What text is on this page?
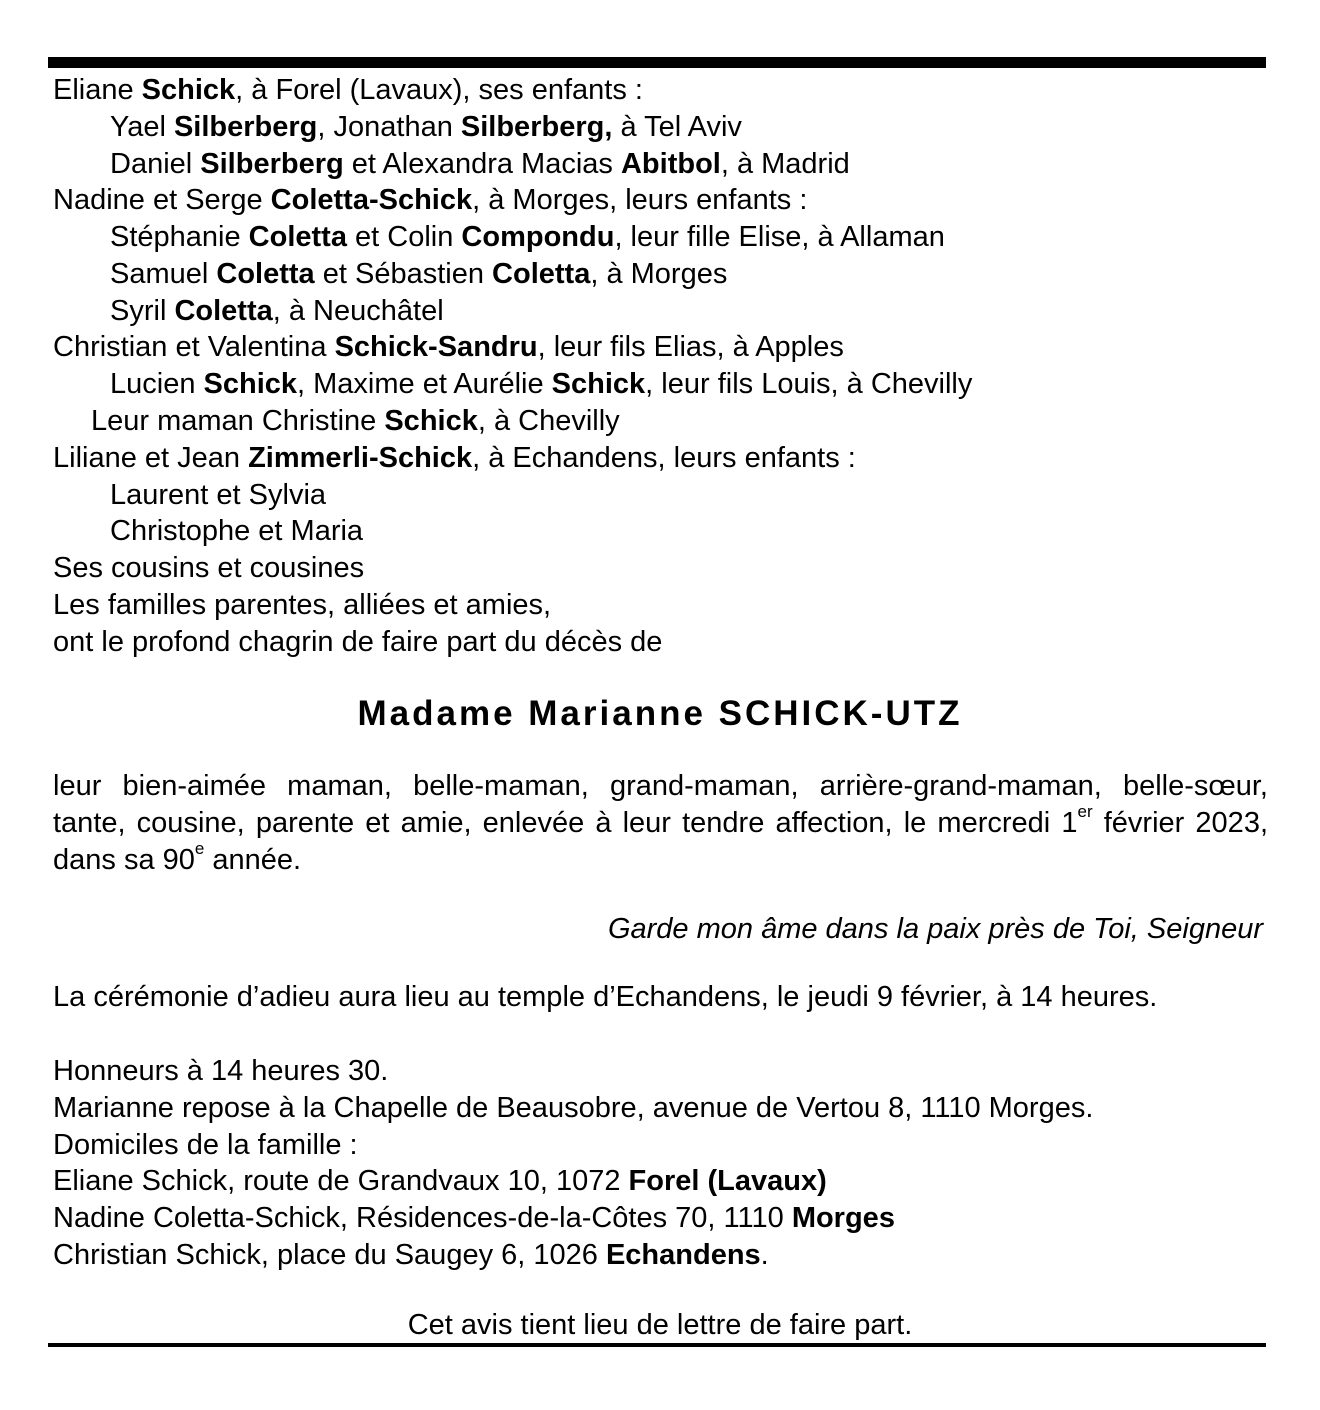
Eliane Schick, à Forel (Lavaux), ses enfants :
Yael Silberberg, Jonathan Silberberg, à Tel Aviv
Daniel Silberberg et Alexandra Macias Abitbol, à Madrid
Nadine et Serge Coletta-Schick, à Morges, leurs enfants :
Stéphanie Coletta et Colin Compondu, leur fille Elise, à Allaman
Samuel Coletta et Sébastien Coletta, à Morges
Syril Coletta, à Neuchâtel
Christian et Valentina Schick-Sandru, leur fils Elias, à Apples
Lucien Schick, Maxime et Aurélie Schick, leur fils Louis, à Chevilly
Leur maman Christine Schick, à Chevilly
Liliane et Jean Zimmerli-Schick, à Echandens, leurs enfants :
Laurent et Sylvia
Christophe et Maria
Ses cousins et cousines
Les familles parentes, alliées et amies,
ont le profond chagrin de faire part du décès de
Madame Marianne SCHICK-UTZ
leur bien-aimée maman, belle-maman, grand-maman, arrière-grand-maman, belle-sœur, tante, cousine, parente et amie, enlevée à leur tendre affection, le mercredi 1er février 2023, dans sa 90e année.
Garde mon âme dans la paix près de Toi, Seigneur
La cérémonie d’adieu aura lieu au temple d’Echandens, le jeudi 9 février, à 14 heures.
Honneurs à 14 heures 30.
Marianne repose à la Chapelle de Beausobre, avenue de Vertou 8, 1110 Morges.
Domiciles de la famille :
Eliane Schick, route de Grandvaux 10, 1072 Forel (Lavaux)
Nadine Coletta-Schick, Résidences-de-la-Côtes 70, 1110 Morges
Christian Schick, place du Saugey 6, 1026 Echandens.
Cet avis tient lieu de lettre de faire part.
